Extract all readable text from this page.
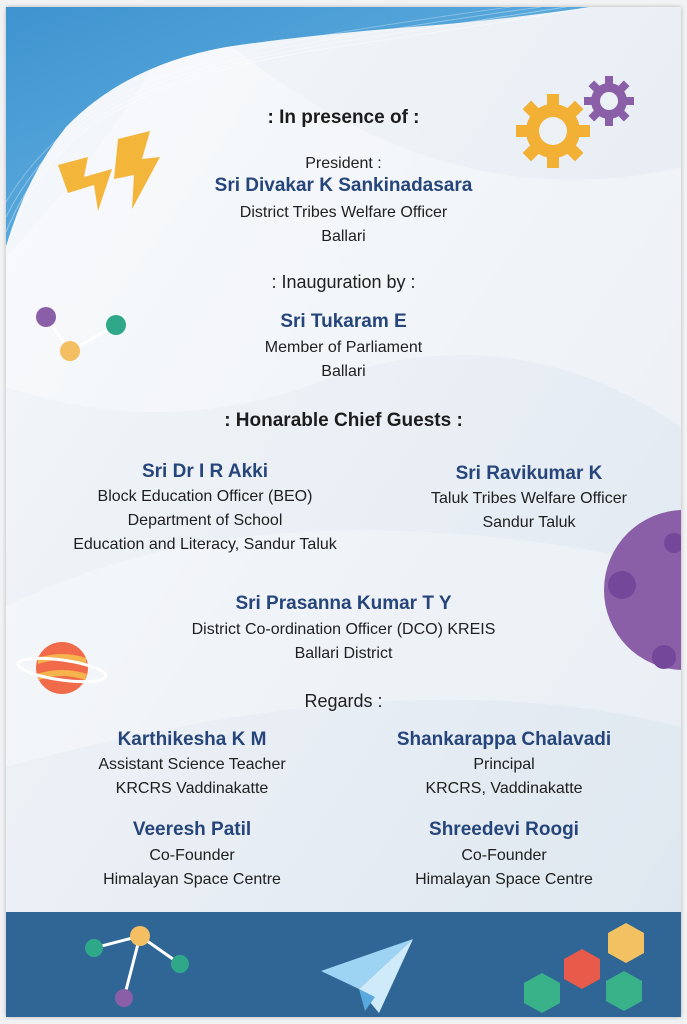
: In presence of :
President :
Sri Divakar K Sankinadasara
District Tribes Welfare Officer
Ballari
: Inauguration by :
Sri Tukaram E
Member of Parliament
Ballari
: Honarable Chief Guests :
Sri Dr I R Akki
Block Education Officer (BEO)
Department of School
Education and Literacy, Sandur Taluk
Sri Ravikumar K
Taluk Tribes Welfare Officer
Sandur Taluk
Sri Prasanna Kumar T Y
District Co-ordination Officer (DCO) KREIS
Ballari District
Regards :
Karthikesha K M
Assistant Science Teacher
KRCRS Vaddinakatte
Shankarappa Chalavadi
Principal
KRCRS, Vaddinakatte
Veeresh Patil
Co-Founder
Himalayan Space Centre
Shreedevi Roogi
Co-Founder
Himalayan Space Centre
